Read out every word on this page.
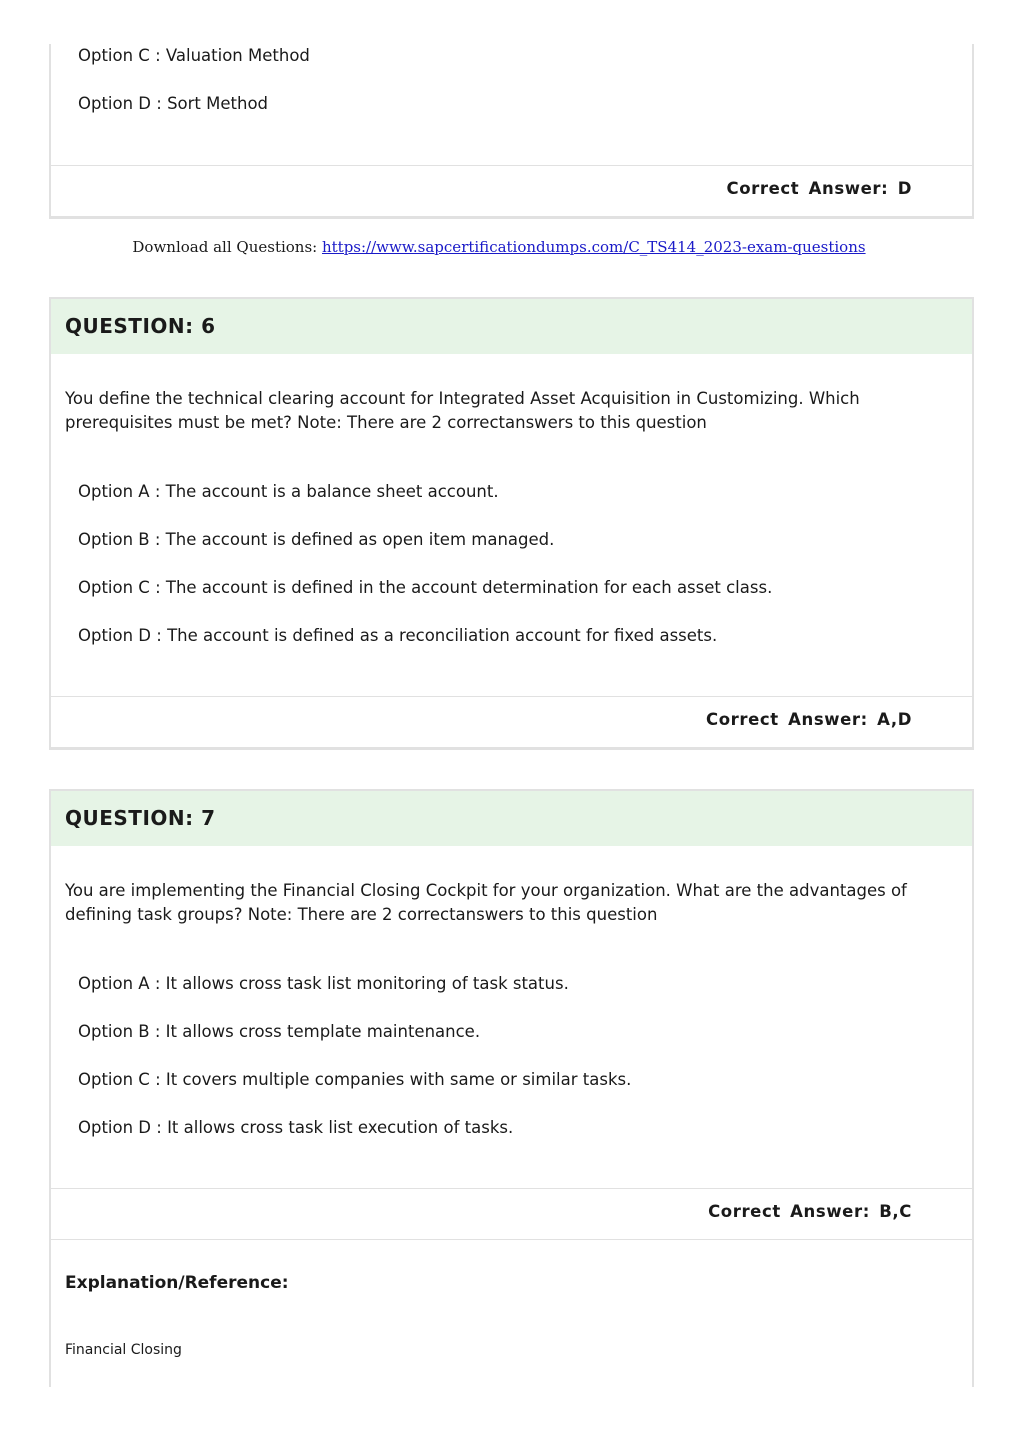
Option C : Valuation Method
Option D : Sort Method
Correct Answer: D
Download all Questions: https://www.sapcertificationdumps.com/C_TS414_2023-exam-questions
QUESTION: 6
You define the technical clearing account for Integrated Asset Acquisition in Customizing. Which prerequisites must be met? Note: There are 2 correctanswers to this question
Option A : The account is a balance sheet account.
Option B : The account is defined as open item managed.
Option C : The account is defined in the account determination for each asset class.
Option D : The account is defined as a reconciliation account for fixed assets.
Correct Answer: A,D
QUESTION: 7
You are implementing the Financial Closing Cockpit for your organization. What are the advantages of defining task groups? Note: There are 2 correctanswers to this question
Option A : It allows cross task list monitoring of task status.
Option B : It allows cross template maintenance.
Option C : It covers multiple companies with same or similar tasks.
Option D : It allows cross task list execution of tasks.
Correct Answer: B,C
Explanation/Reference:
Financial Closing
